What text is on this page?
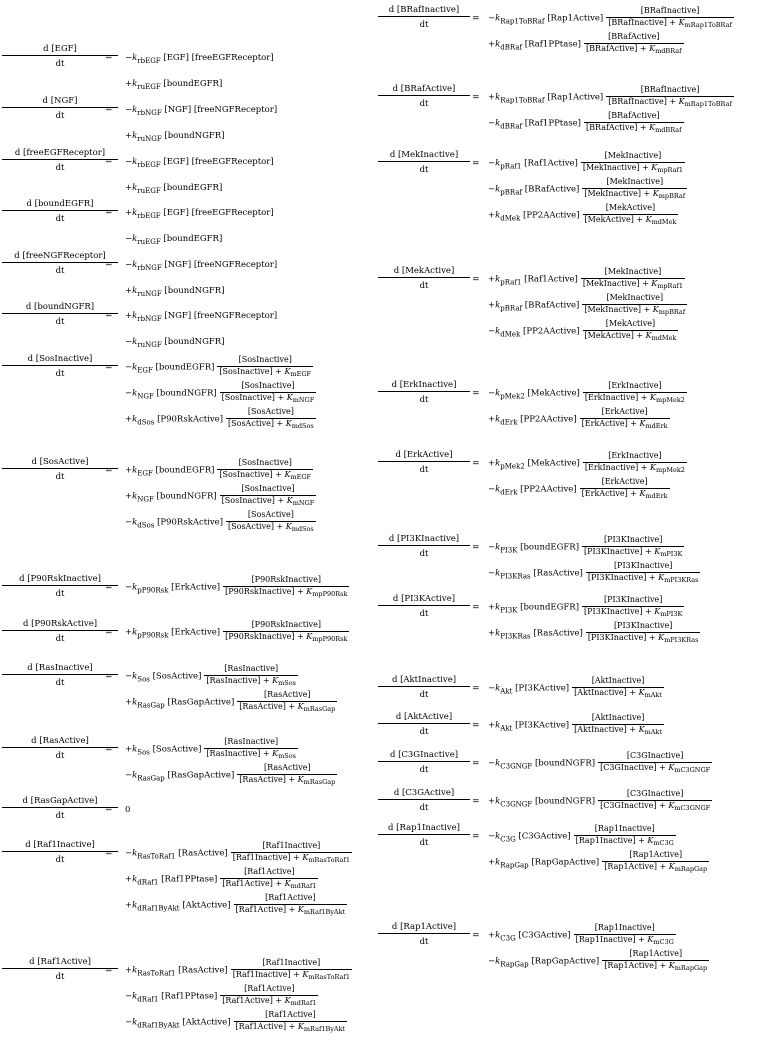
d [EGF]
dt
= $-k_{rbEGF}$ [EGF] [freeEGFReceptor]
$+k_{ruEGF}$ [boundEGFR]
d [NGF]
dt
= $-k_{rbNGF}$ [NGF] [freeNGFReceptor]
$+k_{ruNGF}$ [boundNGFR]
d [freeEGFReceptor]
dt
= $-k_{rbEGF}$ [EGF] [freeEGFReceptor]
$+k_{ruEGF}$ [boundEGFR]
d [boundEGFR]
dt
= $+k_{rbEGF}$ [EGF] [freeEGFReceptor]
$-k_{ruEGF}$ [boundEGFR]
d [freeNGFReceptor]
dt
= $-k_{rbNGF}$ [NGF] [freeNGFReceptor]
$+k_{ruNGF}$ [boundNGFR]
d [boundNGFR]
dt
= $+k_{rbNGF}$ [NGF] [freeNGFReceptor]
$-k_{ruNGF}$ [boundNGFR]
d [SosInactive]
dt
= $-k_{EGF}$ [boundEGFR] $\frac{\text{[SosInactive]}}{[SosInactive] + K_{mEGF}}$
$-k_{NGF}$ [boundNGFR] $\frac{\text{[SosInactive]}}{[SosInactive] + K_{mNGF}}$
$+k_{dSos}$ [P90RskActive] $\frac{\text{[SosActive]}}{[SosActive] + K_{mdSos}}$
d [SosActive]
dt
= $+k_{EGF}$ [boundEGFR] $\frac{\text{[SosInactive]}}{[SosInactive] + K_{mEGF}}$
$+k_{NGF}$ [boundNGFR] $\frac{\text{[SosInactive]}}{[SosInactive] + K_{mNGF}}$
$-k_{dSos}$ [P90RskActive] $\frac{\text{[SosActive]}}{[SosActive] + K_{mdSos}}$
d [P90RskInactive]
dt
= $-k_{pP90Rsk}$ [ErkActive] $\frac{\text{[P90RskInactive]}}{[P90RskInactive] + K_{mpP90Rsk}}$
d [P90RskActive]
dt
= $+k_{pP90Rsk}$ [ErkActive] $\frac{\text{[P90RskInactive]}}{[P90RskInactive] + K_{mpP90Rsk}}$
d [RasInactive]
dt
= $-k_{Sos}$ [SosActive] $\frac{\text{[RasInactive]}}{[RasInactive] + K_{mSos}}$
$+k_{RasGap}$ [RasGapActive] $\frac{\text{[RasActive]}}{[RasActive] + K_{mRasGap}}$
d [RasActive]
dt
= $+k_{Sos}$ [SosActive] $\frac{\text{[RasInactive]}}{[RasInactive] + K_{mSos}}$
$-k_{RasGap}$ [RasGapActive] $\frac{\text{[RasActive]}}{[RasActive] + K_{mRasGap}}$
d [RasGapActive]
dt
= 0
d [Raf1Inactive]
dt
= $-k_{RasToRaf1}$ [RasActive] $\frac{\text{[Raf1Inactive]}}{[Raf1Inactive] + K_{mRasToRaf1}}$
$+k_{dRaf1}$ [Raf1PPtase] $\frac{\text{[Raf1Active]}}{[Raf1Active] + K_{mdRaf1}}$
$+k_{dRaf1ByAkt}$ [AktActive] $\frac{\text{[Raf1Active]}}{[Raf1Active] + K_{mRaf1ByAkt}}$
d [Raf1Active]
dt
= $+k_{RasToRaf1}$ [RasActive] $\frac{\text{[Raf1Inactive]}}{[Raf1Inactive] + K_{mRasToRaf1}}$
$-k_{dRaf1}$ [Raf1PPtase] $\frac{\text{[Raf1Active]}}{[Raf1Active] + K_{mdRaf1}}$
$-k_{dRaf1ByAkt}$ [AktActive] $\frac{\text{[Raf1Active]}}{[Raf1Active] + K_{mRaf1ByAkt}}$
d [BRafInactive]
dt
= $-k_{Rap1ToBRaf}$ [Rap1Active] $\frac{\text{[BRafInactive]}}{[BRafInactive] + K_{mRap1ToBRaf}}$
$+k_{dBRaf}$ [Raf1PPtase] $\frac{\text{[BRafActive]}}{[BRafActive] + K_{mdBRaf}}$
d [BRafActive]
dt
= $+k_{Rap1ToBRaf}$ [Rap1Active] $\frac{\text{[BRafInactive]}}{[BRafInactive] + K_{mRap1ToBRaf}}$
$-k_{dBRaf}$ [Raf1PPtase] $\frac{\text{[BRafActive]}}{[BRafActive] + K_{mdBRaf}}$
d [MekInactive]
dt
= $-k_{pRaf1}$ [Raf1Active] $\frac{\text{[MekInactive]}}{[MekInactive] + K_{mpRaf1}}$
$-k_{pBRaf}$ [BRafActive] $\frac{\text{[MekInactive]}}{[MekInactive] + K_{mpBRaf}}$
$+k_{dMek}$ [PP2AActive] $\frac{\text{[MekActive]}}{[MekActive] + K_{mdMek}}$
d [MekActive]
dt
= $+k_{pRaf1}$ [Raf1Active] $\frac{\text{[MekInactive]}}{[MekInactive] + K_{mpRaf1}}$
$+k_{pBRaf}$ [BRafActive] $\frac{\text{[MekInactive]}}{[MekInactive] + K_{mpBRaf}}$
$-k_{dMek}$ [PP2AActive] $\frac{\text{[MekActive]}}{[MekActive] + K_{mdMek}}$
d [ErkInactive]
dt
= $-k_{pMek2}$ [MekActive] $\frac{\text{[ErkInactive]}}{[ErkInactive] + K_{mpMek2}}$
$+k_{dErk}$ [PP2AActive] $\frac{\text{[ErkActive]}}{[ErkActive] + K_{mdErk}}$
d [ErkActive]
dt
= $+k_{pMek2}$ [MekActive] $\frac{\text{[ErkInactive]}}{[ErkInactive] + K_{mpMek2}}$
$-k_{dErk}$ [PP2AActive] $\frac{\text{[ErkActive]}}{[ErkActive] + K_{mdErk}}$
d [PI3KInactive]
dt
= $-k_{PI3K}$ [boundEGFR] $\frac{\text{[PI3KInactive]}}{[PI3KInactive] + K_{mPI3K}}$
$-k_{PI3KRas}$ [RasActive] $\frac{\text{[PI3KInactive]}}{[PI3KInactive] + K_{mPI3KRas}}$
d [PI3KActive]
dt
= $+k_{PI3K}$ [boundEGFR] $\frac{\text{[PI3KInactive]}}{[PI3KInactive] + K_{mPI3K}}$
$+k_{PI3KRas}$ [RasActive] $\frac{\text{[PI3KInactive]}}{[PI3KInactive] + K_{mPI3KRas}}$
d [AktInactive]
dt
= $-k_{Akt}$ [PI3KActive] $\frac{\text{[AktInactive]}}{[AktInactive] + K_{mAkt}}$
d [AktActive]
dt
= $+k_{Akt}$ [PI3KActive] $\frac{\text{[AktInactive]}}{[AktInactive] + K_{mAkt}}$
d [C3GInactive]
dt
= $-k_{C3GNGF}$ [boundNGFR] $\frac{\text{[C3GInactive]}}{[C3GInactive] + K_{mC3GNGF}}$
d [C3GActive]
dt
= $+k_{C3GNGF}$ [boundNGFR] $\frac{\text{[C3GInactive]}}{[C3GInactive] + K_{mC3GNGF}}$
d [Rap1Inactive]
dt
= $-k_{C3G}$ [C3GActive] $\frac{\text{[Rap1Inactive]}}{[Rap1Inactive] + K_{mC3G}}$
$+k_{RapGap}$ [RapGapActive] $\frac{\text{[Rap1Active]}}{[Rap1Active] + K_{mRapGap}}$
d [Rap1Active]
dt
= $+k_{C3G}$ [C3GActive] $\frac{\text{[Rap1Inactive]}}{[Rap1Inactive] + K_{mC3G}}$
$-k_{RapGap}$ [RapGapActive] $\frac{\text{[Rap1Active]}}{[Rap1Active] + K_{mRapGap}}$
